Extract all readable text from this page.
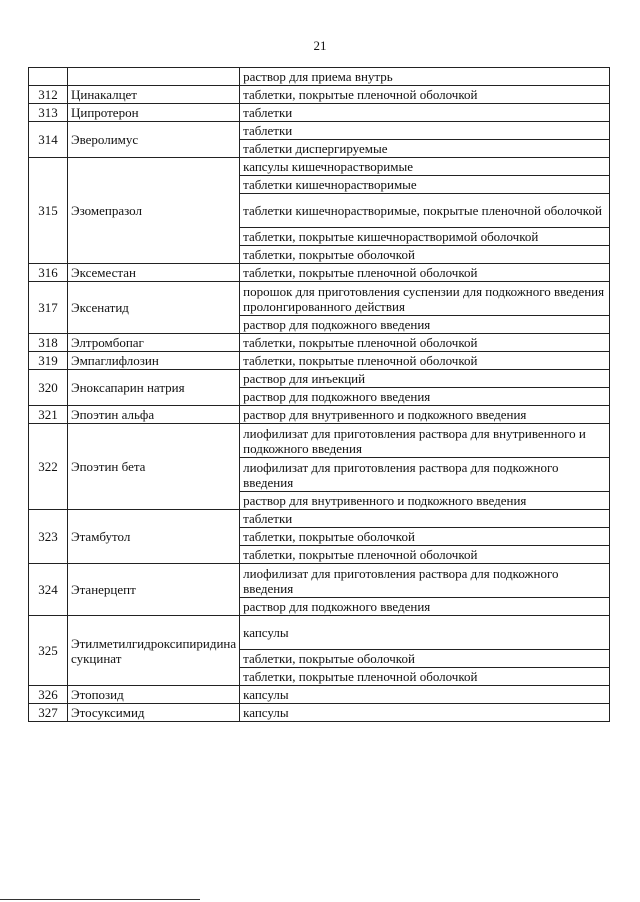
21
		раствор для приема внутрь
312	Цинакалцет	таблетки, покрытые пленочной оболочкой
313	Ципротерон	таблетки
314	Эверолимус	таблетки
		таблетки диспергируемые
315	Эзомепразол	капсулы кишечнорастворимые
		таблетки кишечнорастворимые
		таблетки кишечнорастворимые, покрытые пленочной оболочкой
		таблетки, покрытые кишечнорастворимой оболочкой
		таблетки, покрытые оболочкой
316	Эксеместан	таблетки, покрытые пленочной оболочкой
317	Эксенатид	порошок для приготовления суспензии для подкожного введения пролонгированного действия
		раствор для подкожного введения
318	Элтромбопаг	таблетки, покрытые пленочной оболочкой
319	Эмпаглифлозин	таблетки, покрытые пленочной оболочкой
320	Эноксапарин натрия	раствор для инъекций
		раствор для подкожного введения
321	Эпоэтин альфа	раствор для внутривенного и подкожного введения
322	Эпоэтин бета	лиофилизат для приготовления раствора для внутривенного и подкожного введения
		лиофилизат для приготовления раствора для подкожного введения
		раствор для внутривенного и подкожного введения
323	Этамбутол	таблетки
		таблетки, покрытые оболочкой
		таблетки, покрытые пленочной оболочкой
324	Этанерцепт	лиофилизат для приготовления раствора для подкожного введения
		раствор для подкожного введения
325	Этилметилгидроксипиридина сукцинат	капсулы
		таблетки, покрытые оболочкой
		таблетки, покрытые пленочной оболочкой
326	Этопозид	капсулы
327	Этосуксимид	капсулы
